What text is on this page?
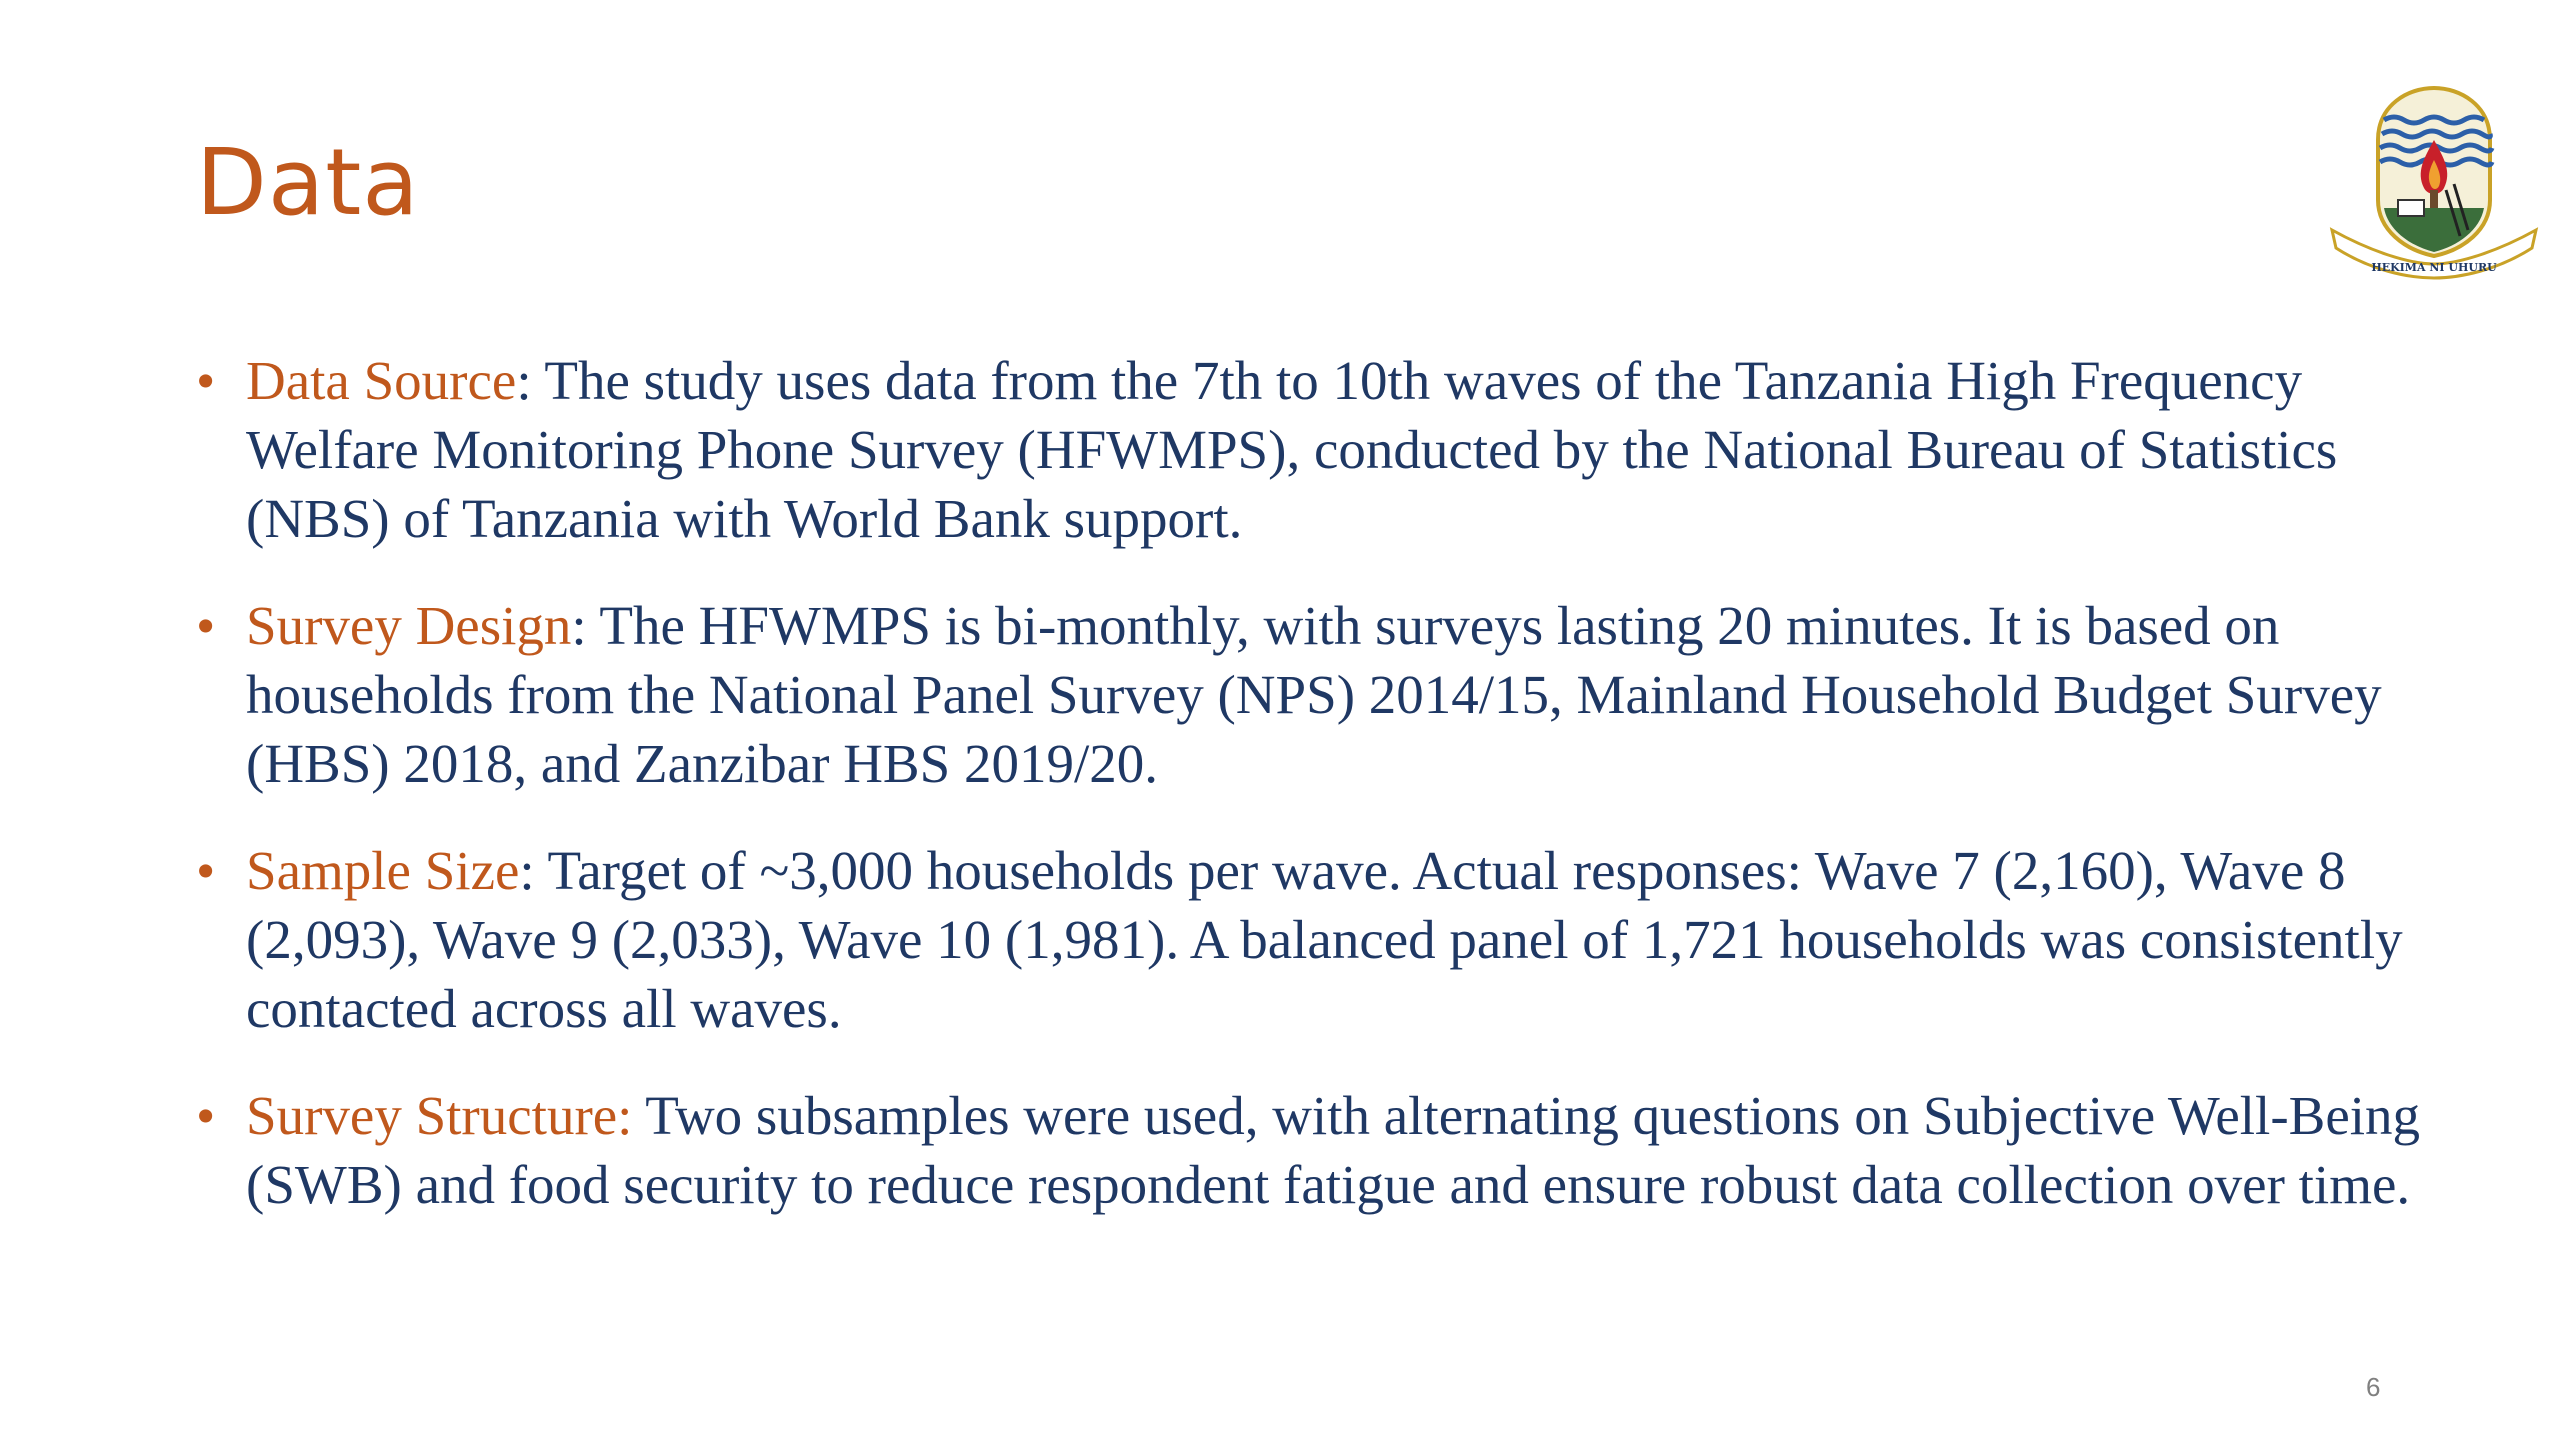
Data
HEKIMA NI UHURU
• Data Source: The study uses data from the 7th to 10th waves of the Tanzania High Frequency Welfare Monitoring Phone Survey (HFWMPS), conducted by the National Bureau of Statistics (NBS) of Tanzania with World Bank support.
• Survey Design: The HFWMPS is bi-monthly, with surveys lasting 20 minutes. It is based on households from the National Panel Survey (NPS) 2014/15, Mainland Household Budget Survey (HBS) 2018, and Zanzibar HBS 2019/20.
• Sample Size: Target of ~3,000 households per wave. Actual responses: Wave 7 (2,160), Wave 8 (2,093), Wave 9 (2,033), Wave 10 (1,981). A balanced panel of 1,721 households was consistently contacted across all waves.
• Survey Structure: Two subsamples were used, with alternating questions on Subjective Well-Being (SWB) and food security to reduce respondent fatigue and ensure robust data collection over time.
6
